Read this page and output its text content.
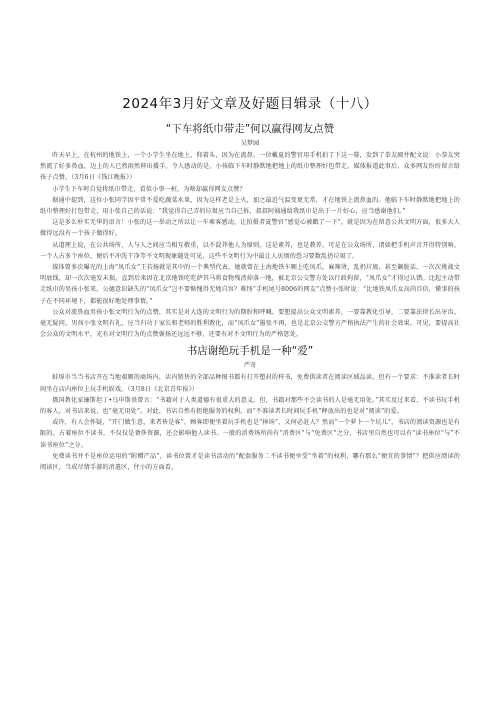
2024年3月好文章及好题目辑录（十八）
“下车将纸巾带走”何以赢得网友点赞
吴梦园

昨天早上，在杭州的地铁上，一个小学生坐在地上，仰着头，因为在流鼻。一位戴夏的警官用手机拍了下这一幕，发到了拳友圈并配文说：小拳友突然流了好多鼻血，边上的人已然雨然伸出援手。令人感动的是，小孩临下车时静默地把地上的纸巾整理好包带走。媒体报道此事后，众多网友纷纷留言给孩子点赞。（3月6日《钱江晚报》）

小学生下车时自觉将纸巾带走，看似小事一桩，为啥却赢得网友点赞？

据通中提到，这位小张同学因平常不爱吃蔬菜水果，因为这样老是上火，加之最近气温变更无常，才在地铁上流鼻血的。他临下车时静默地把地上的纸巾整理好打包带走，用小张自己的话说：“我觉得自己弄的垃圾应当自己拆，叔叔阿姨通给我纸巾是出于一片好心，应当感谢他们。”

这是多么朴实无华的语言！小张的这一举动之所以让一车乘客感动，让拍摄者夏警官“感觉心被戳了一下”，就是因为在留意公共文明方面，很多大人做得远没有一个孩子做得好。

从道理上说，在公共场所，人与人之间应当相互敬重，以不混莽他人为原则。这是素养，也是教养，可是在公众场所，诸如把手机声音开得特别响、一个人占多个座位、便后不冲洗干净等不文明现象随处可见，这些不文明行为中最让人厌烦的恐习要数乱扔垃圾了。

媒体曾多次曝光的上海“凤爪女”王若扬就是其中的一个典型代表。她就曾在上海地铁车厢上吃凤爪、麻辣烫、乱扔垃圾，甚至飙脏话，一次次挑战文明底线，却一次次毫发未损，直到后来因在北京地铁吃吃萨其马将食物残渣掉落一地，被北京公交警方处以行政拘留，“凤爪女”才得过认错。比起主动带走纸巾的男孩小张来，公德意识缺失的“凤爪女”岂不要惭愧得无地自容？难怪“手机尾号8006的网友”点赞小张时说：“比地铁凤爪女高尚百倍，懂事的孩子在不同环境下，都能很好地处理事情。”

公众对流鼻血男孩小张文明行为的点赞，其实是对大连的文明行为的期盼和呼喊。要想提高公众文明素养，一要靠教化引导，二要靠法律长出牙齿。毫无疑问，男孩小张文明有礼，应当归功于家长和老师的胜利教化，而“凤爪女”嚣张不再，也是北京公交警方严格执法产生的社会效果。可见，要提高社会公众的文明水平，光有对文明行为的点赞褒扬还远远不够，还要有对不文明行为的严格惩处。

书店谢绝玩手机是一种“爱”
严奇

蚌埠市当当书店开在当地艰厕的商场内，店内销售的全部品种图书都有打开塑封的样书，免费供读者在阅读区域品读，但有一个要求：不准读者长时间坐在店内座位上玩手机娱戏。（3月8日《北京青年报》）

俄国教化家廉斯坦丁•乌申斯基曾言：“书籍对于人类道德有很重大的意义，但，书籍对那些不会读书的人是毫无用处。”其实反过来看，不读书玩手机的客人，对书店来说，也“毫无用处”。对此，书店自然有拒绝服务的权利。而“不准读者长时间玩手机”释放出的也是对“阅读”的爱。

或许，有人会怀疑，“开门做生意，来者皆是客”，顾客即便坐着玩手机也是“捧场”，又何必赶人？然而“一个萝卜一个坑儿”，书店的阅读资源也是有限的。占着座位不读书，不仅仅是奢侈资源，还会影响他人读书。一般的消费场所尚有“消费区”与“免费区”之分，书店里自然也可以有“读书座位”与“不读书座位”之分。

免费读书并不是座位运用的“附赠产品”，读书位置才是读书活动的“配套服务二不读书便享受“坐着”的权利，哪有那么“便宜的事情”？把供应阅读的阅读区，当成尽情手游的消遣区，往小的方面看，
